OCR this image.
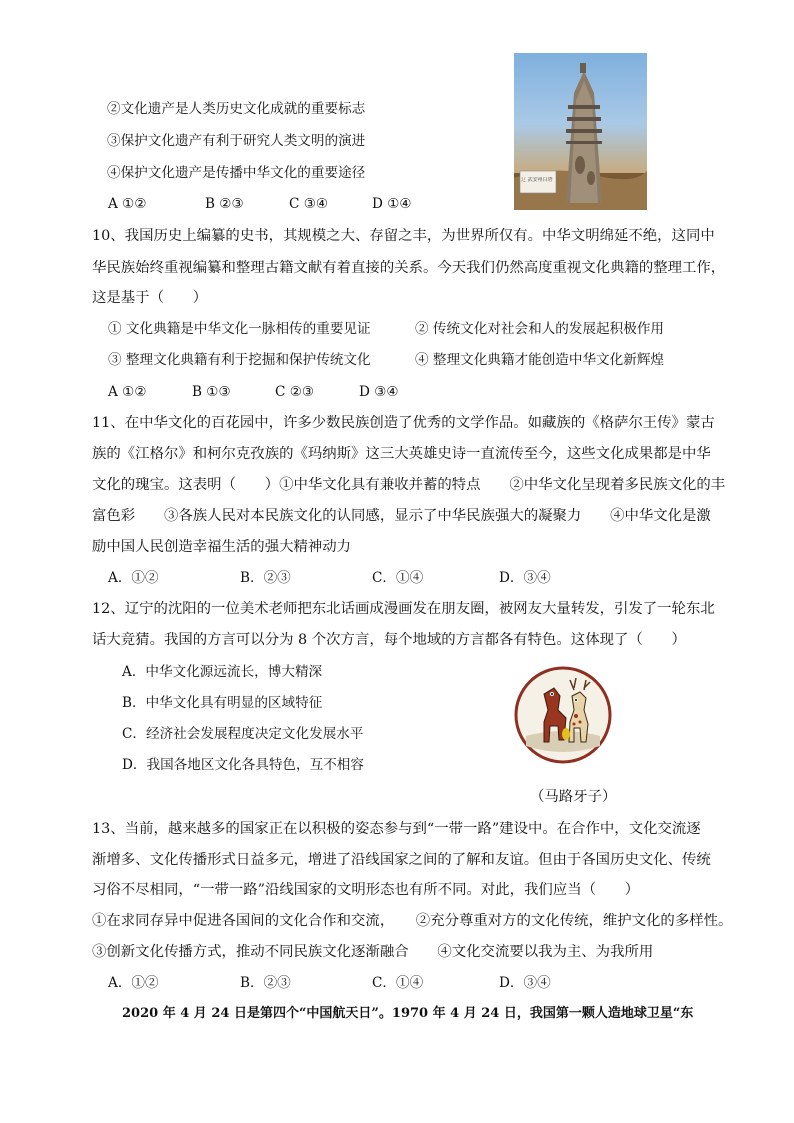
②文化遗产是人类历史文化成就的重要标志
③保护文化遗产有利于研究人类文明的演进
④保护文化遗产是传播中华文化的重要途径
A ①②	B ②③	C ③④	D ①④
辽 武安州白塔
10、我国历史上编纂的史书，其规模之大、存留之丰，为世界所仅有。中华文明绵延不绝，这同中
华民族始终重视编纂和整理古籍文献有着直接的关系。今天我们仍然高度重视文化典籍的整理工作，
这是基于（　　）
① 文化典籍是中华文化一脉相传的重要见证	② 传统文化对社会和人的发展起积极作用
③ 整理文化典籍有利于挖掘和保护传统文化	④ 整理文化典籍才能创造中华文化新辉煌
A ①②	B ①③	C ②③	D ③④
11、在中华文化的百花园中，许多少数民族创造了优秀的文学作品。如藏族的《格萨尔王传》蒙古
族的《江格尔》和柯尔克孜族的《玛纳斯》这三大英雄史诗一直流传至今，这些文化成果都是中华
文化的瑰宝。这表明（　　）①中华文化具有兼收并蓄的特点　　②中华文化呈现着多民族文化的丰
富色彩　　③各族人民对本民族文化的认同感，显示了中华民族强大的凝聚力　　④中华文化是激
励中国人民创造幸福生活的强大精神动力
A．①②	B．②③	C．①④	D．③④
12、辽宁的沈阳的一位美术老师把东北话画成漫画发在朋友圈，被网友大量转发，引发了一轮东北
话大竞猜。我国的方言可以分为 8 个次方言，每个地域的方言都各有特色。这体现了（　　）
A．中华文化源远流长，博大精深
B．中华文化具有明显的区域特征
C．经济社会发展程度决定文化发展水平
D．我国各地区文化各具特色，互不相容
（马路牙子）
13、当前，越来越多的国家正在以积极的姿态参与到“一带一路”建设中。在合作中，文化交流逐
渐增多、文化传播形式日益多元，增进了沿线国家之间的了解和友谊。但由于各国历史文化、传统
习俗不尽相同，“一带一路”沿线国家的文明形态也有所不同。对此，我们应当（　　）
①在求同存异中促进各国间的文化合作和交流，　　②充分尊重对方的文化传统，维护文化的多样性。
③创新文化传播方式，推动不同民族文化逐渐融合　　④文化交流要以我为主、为我所用
A．①②	B．②③	C．①④	D．③④
2020 年 4 月 24 日是第四个“中国航天日”。1970 年 4 月 24 日，我国第一颗人造地球卫星“东
